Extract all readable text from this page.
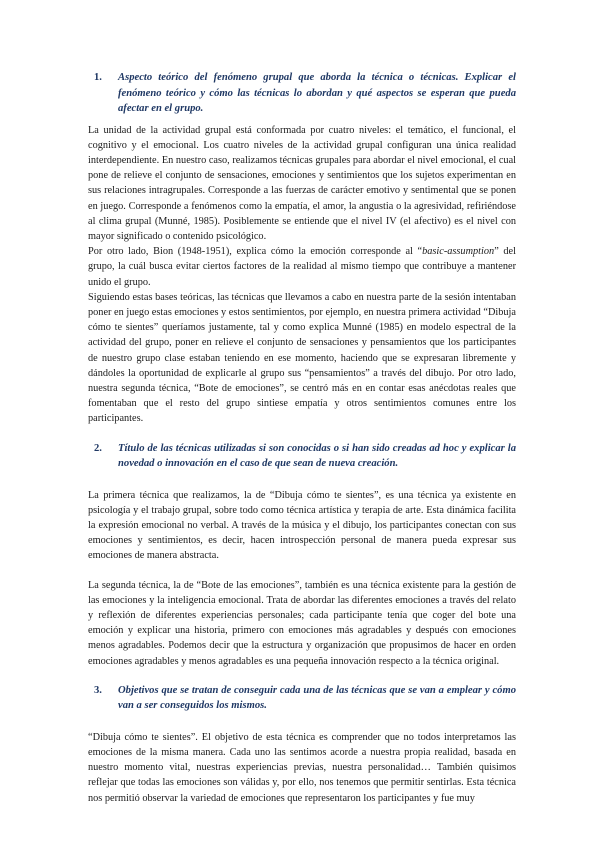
1.	Aspecto teórico del fenómeno grupal que aborda la técnica o técnicas. Explicar el fenómeno teórico y cómo las técnicas lo abordan y qué aspectos se esperan que pueda afectar en el grupo.

La unidad de la actividad grupal está conformada por cuatro niveles: el temático, el funcional, el cognitivo y el emocional. Los cuatro niveles de la actividad grupal configuran una única realidad interdependiente. En nuestro caso, realizamos técnicas grupales para abordar el nivel emocional, el cual pone de relieve el conjunto de sensaciones, emociones y sentimientos que los sujetos experimentan en sus relaciones intragrupales. Corresponde a las fuerzas de carácter emotivo y sentimental que se ponen en juego. Corresponde a fenómenos como la empatía, el amor, la angustia o la agresividad, refiriéndose al clima grupal (Munné, 1985). Posiblemente se entiende que el nivel IV (el afectivo) es el nivel con mayor significado o contenido psicológico.

Por otro lado, Bion (1948-1951), explica cómo la emoción corresponde al “basic-assumption” del grupo, la cuál busca evitar ciertos factores de la realidad al mismo tiempo que contribuye a mantener unido el grupo.

Siguiendo estas bases teóricas, las técnicas que llevamos a cabo en nuestra parte de la sesión intentaban poner en juego estas emociones y estos sentimientos, por ejemplo, en nuestra primera actividad “Dibuja cómo te sientes” queríamos justamente, tal y como explica Munné (1985) en modelo espectral de la actividad del grupo, poner en relieve el conjunto de sensaciones y pensamientos que los participantes de nuestro grupo clase estaban teniendo en ese momento, haciendo que se expresaran libremente y dándoles la oportunidad de explicarle al grupo sus “pensamientos” a través del dibujo. Por otro lado, nuestra segunda técnica, “Bote de emociones”, se centró más en en contar esas anécdotas reales que fomentaban que el resto del grupo sintiese empatía y otros sentimientos comunes entre los participantes.

2.	Título de las técnicas utilizadas si son conocidas o si han sido creadas ad hoc y explicar la novedad o innovación en el caso de que sean de nueva creación.

La primera técnica que realizamos, la de “Dibuja cómo te sientes”, es una técnica ya existente en psicología y el trabajo grupal, sobre todo como técnica artística y terapia de arte. Esta dinámica facilita la expresión emocional no verbal. A través de la música y el dibujo, los participantes conectan con sus emociones y sentimientos, es decir, hacen introspección personal de manera pueda expresar sus emociones de manera abstracta.

La segunda técnica, la de “Bote de las emociones”, también es una técnica existente para la gestión de las emociones y la inteligencia emocional. Trata de abordar las diferentes emociones a través del relato y reflexión de diferentes experiencias personales; cada participante tenía que coger del bote una emoción y explicar una historia, primero con emociones más agradables y después con emociones menos agradables. Podemos decir que la estructura y organización que propusimos de hacer en orden emociones agradables y menos agradables es una pequeña innovación respecto a la técnica original.

3.	Objetivos que se tratan de conseguir cada una de las técnicas que se van a emplear y cómo van a ser conseguidos los mismos.

“Dibuja cómo te sientes”. El objetivo de esta técnica es comprender que no todos interpretamos las emociones de la misma manera. Cada uno las sentimos acorde a nuestra propia realidad, basada en nuestro momento vital, nuestras experiencias previas, nuestra personalidad… También quisimos reflejar que todas las emociones son válidas y, por ello, nos tenemos que permitir sentirlas. Esta técnica nos permitió observar la variedad de emociones que representaron los participantes y fue muy
